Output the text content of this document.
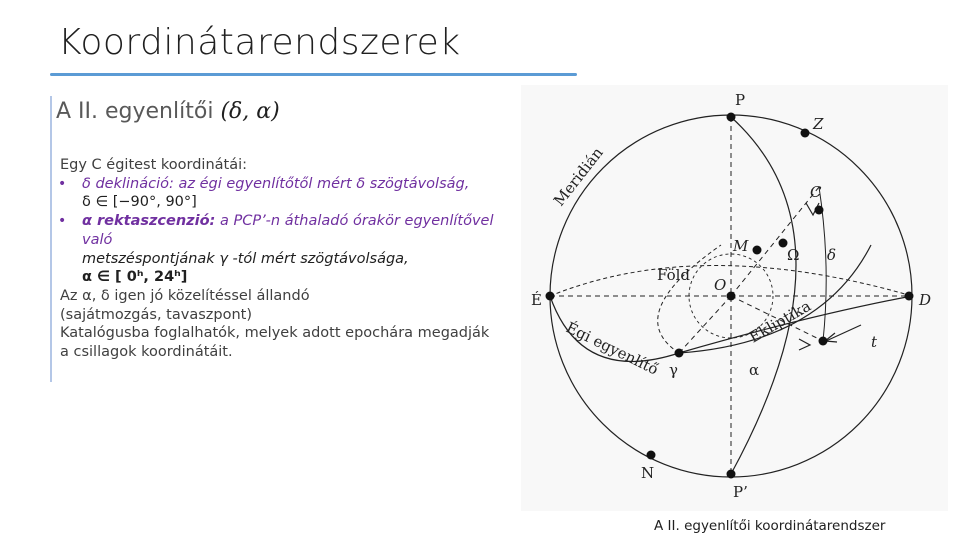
Koordinátarendszerek
A II. egyenlítői (δ, α)

Egy C égitest koordinátái:

• δ deklináció: az égi egyenlítőtől mért δ szögtávolság,

δ ∈ [−90°, 90°]

• α rektaszcenzió: a PCP’-n áthaladó órakör egyenlítővel való

metszéspontjának γ -tól mért szögtávolsága,

α ∈ [ 0ʰ, 24ʰ]

Az α, δ igen jó közelítéssel állandó

(sajátmozgás, tavaszpont)

Katalógusba foglalhatók, melyek adott epochára megadják

a csillagok koordinátáit.

P
Z
C
M	Ω δ
Föld
O
É	D
t
α
γ
N
P’
Meridián
Ekliptika
Égi egyenlítő
A II. egyenlítői koordinátarendszer
